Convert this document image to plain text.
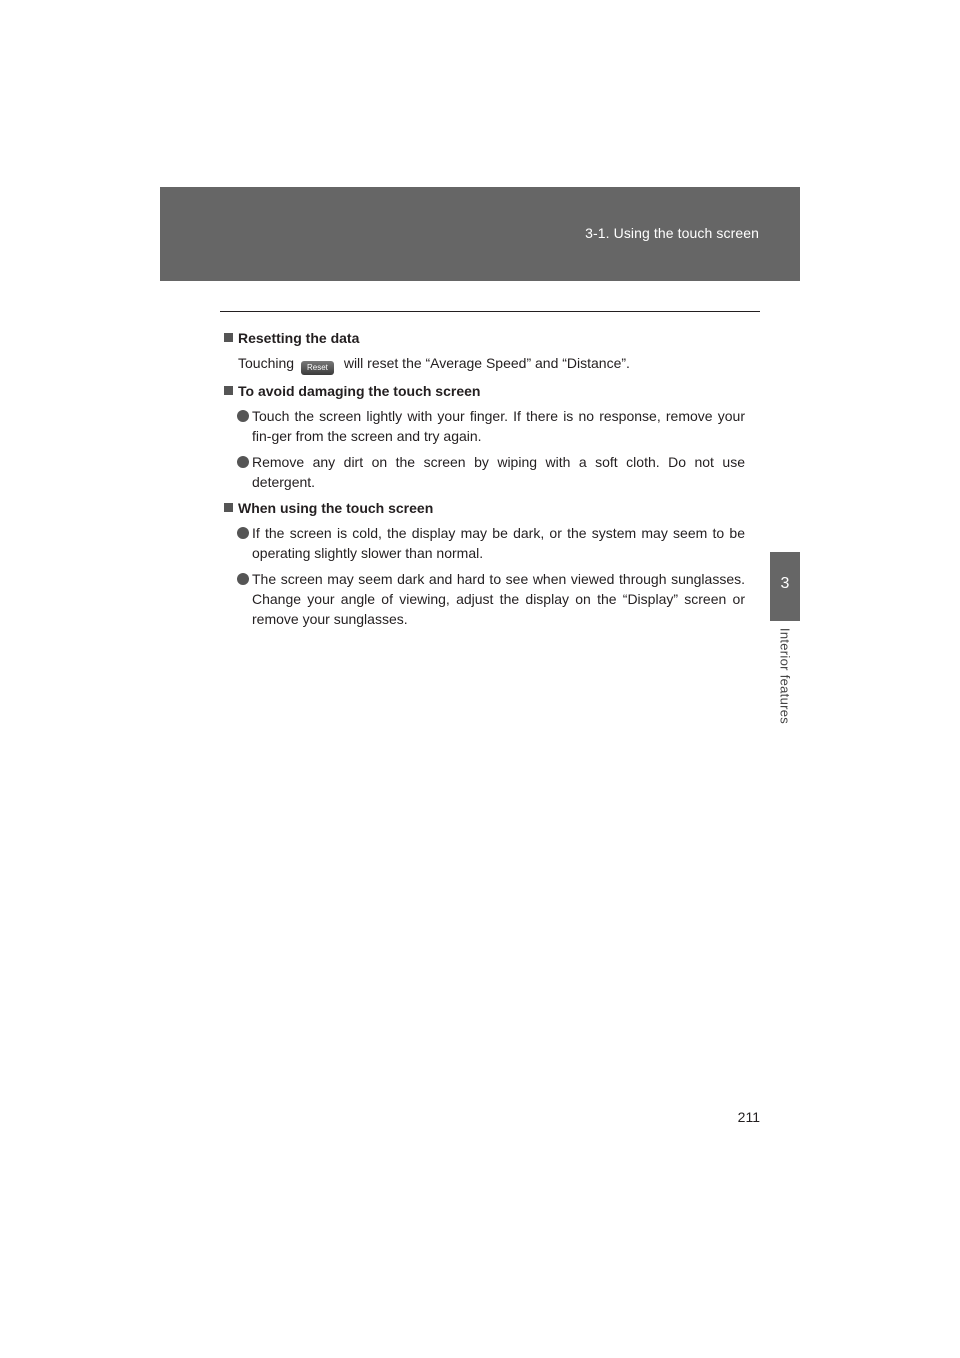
3-1. Using the touch screen
3
Interior features

Resetting the data

Touching Reset will reset the “Average Speed” and “Distance”.

To avoid damaging the touch screen

Touch the screen lightly with your finger. If there is no response, remove your fin-ger from the screen and try again.
Remove any dirt on the screen by wiping with a soft cloth. Do not use detergent.

When using the touch screen

If the screen is cold, the display may be dark, or the system may seem to be operating slightly slower than normal.
The screen may seem dark and hard to see when viewed through sunglasses. Change your angle of viewing, adjust the display on the “Display” screen or remove your sunglasses.
211
